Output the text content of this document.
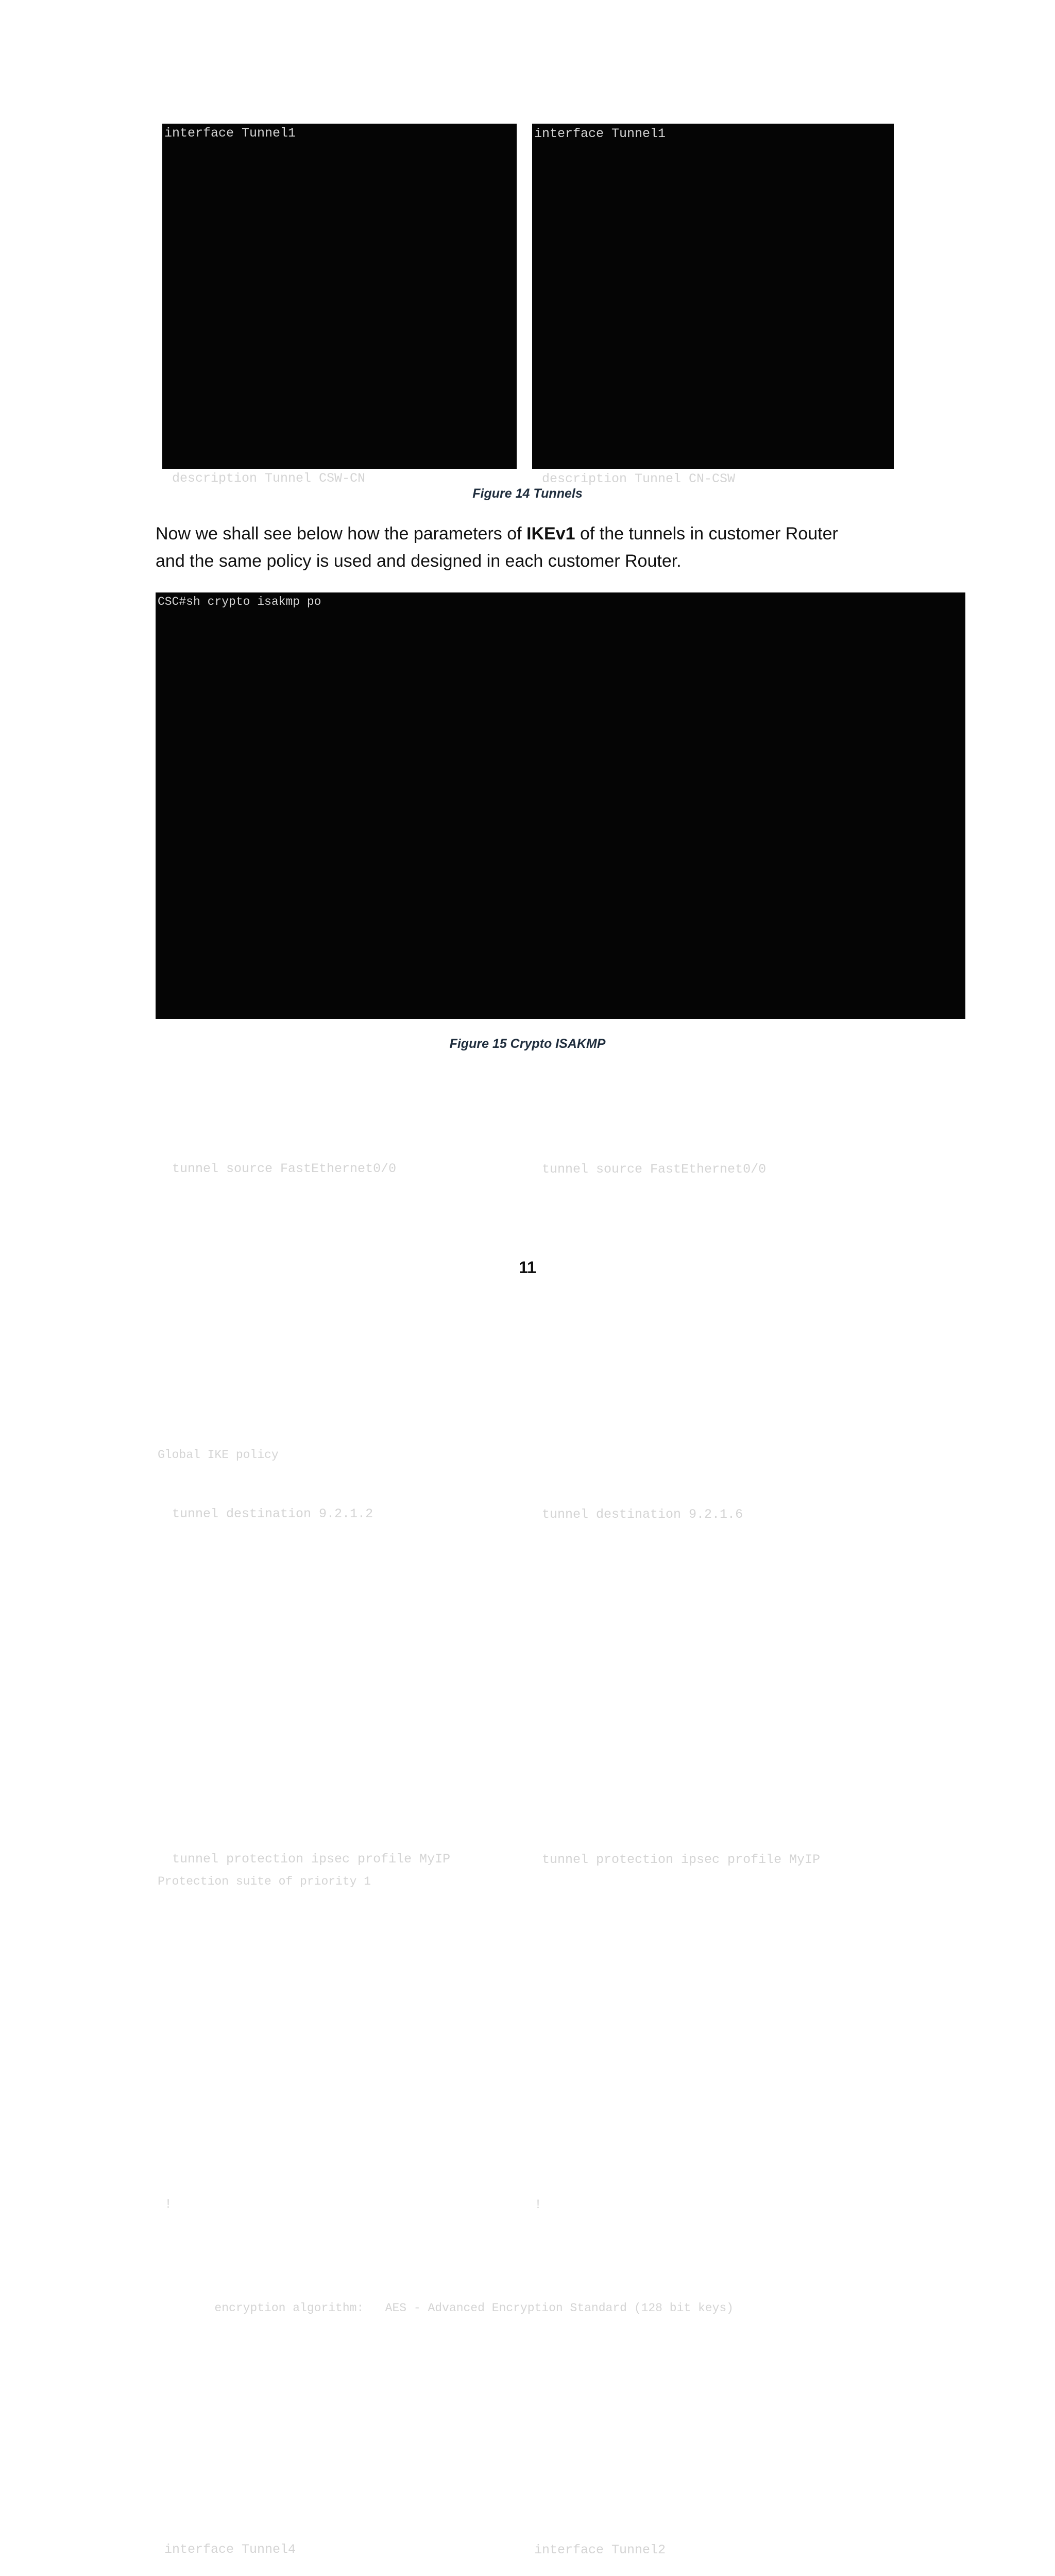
interface Tunnel1
description Tunnel CSW-CN
tunnel source FastEthernet0/0
tunnel destination 9.2.1.2
tunnel protection ipsec profile MyIP
!
interface Tunnel4
interface Tunnel1
description Tunnel CN-CSW
tunnel source FastEthernet0/0
tunnel destination 9.2.1.6
tunnel protection ipsec profile MyIP
!
interface Tunnel2
Figure 14 Tunnels
Now we shall see below how the parameters of IKEv1 of the tunnels in customer Router
and the same policy is used and designed in each customer Router.
CSC#sh crypto isakmp po

Global IKE policy
Protection suite of priority 1
encryption algorithm:   AES - Advanced Encryption Standard (128 bit keys)

Figure 15 Crypto ISAKMP
11
